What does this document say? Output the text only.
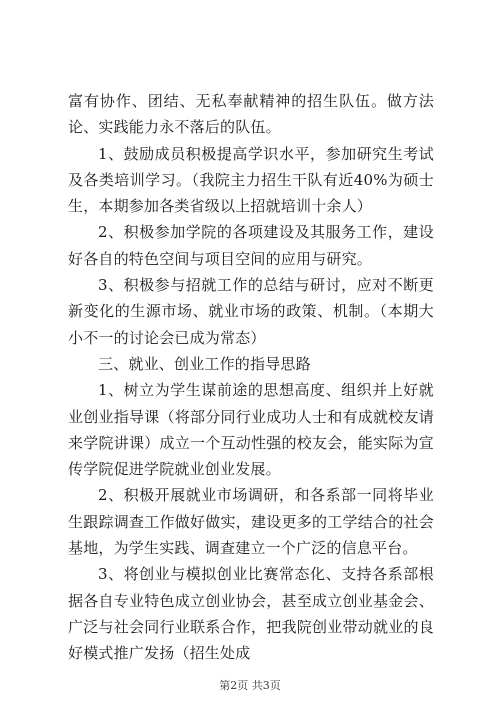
富有协作、团结、无私奉献精神的招生队伍。做方法论、实践能力永不落后的队伍。

1、鼓励成员积极提高学识水平，参加研究生考试及各类培训学习。（我院主力招生干队有近40%为硕士生，本期参加各类省级以上招就培训十余人）

2、积极参加学院的各项建设及其服务工作，建设好各自的特色空间与项目空间的应用与研究。

3、积极参与招就工作的总结与研讨，应对不断更新变化的生源市场、就业市场的政策、机制。（本期大小不一的讨论会已成为常态）

三、就业、创业工作的指导思路

1、树立为学生谋前途的思想高度、组织并上好就业创业指导课（将部分同行业成功人士和有成就校友请来学院讲课）成立一个互动性强的校友会，能实际为宣传学院促进学院就业创业发展。

2、积极开展就业市场调研，和各系部一同将毕业生跟踪调查工作做好做实，建设更多的工学结合的社会基地，为学生实践、调查建立一个广泛的信息平台。

3、将创业与模拟创业比赛常态化、支持各系部根据各自专业特色成立创业协会，甚至成立创业基金会、广泛与社会同行业联系合作，把我院创业带动就业的良好模式推广发扬（招生处成

第2页 共3页
